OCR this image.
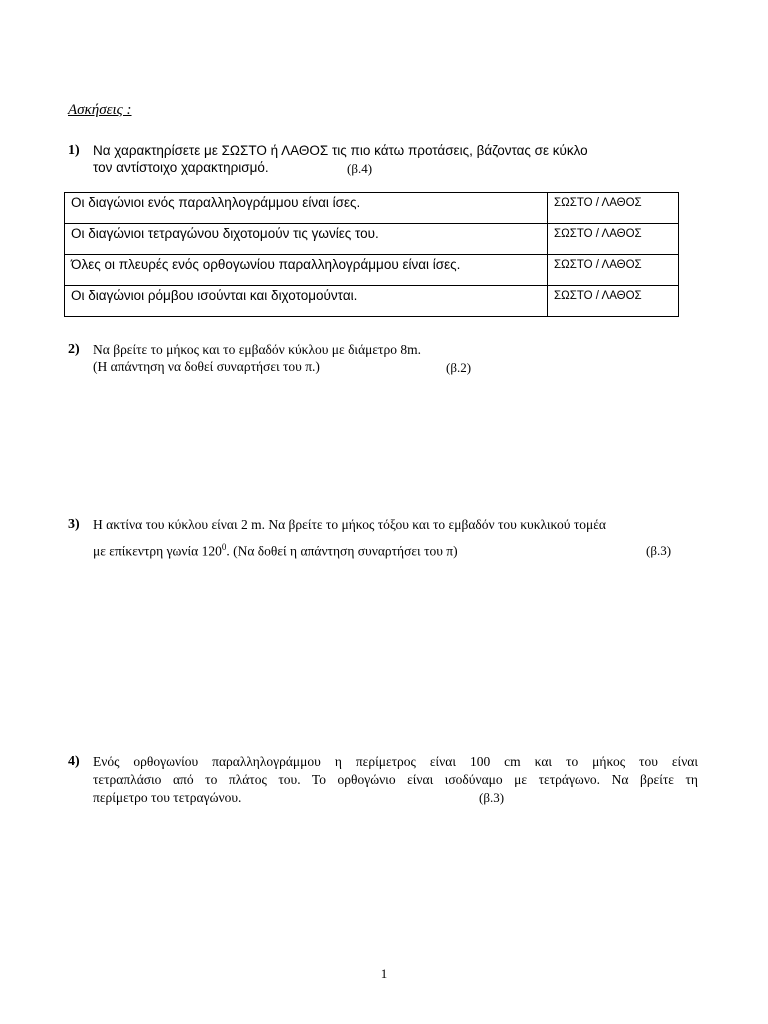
Ασκήσεις :
1) Να χαρακτηρίσετε με ΣΩΣΤΟ ή ΛΑΘΟΣ τις πιο κάτω προτάσεις, βάζοντας σε κύκλο
τον αντίστοιχο χαρακτηρισμό.	(β.4)
Οι διαγώνιοι ενός παραλληλογράμμου είναι ίσες.	ΣΩΣΤΟ / ΛΑΘΟΣ
Οι διαγώνιοι τετραγώνου διχοτομούν τις γωνίες του.	ΣΩΣΤΟ / ΛΑΘΟΣ
Όλες οι πλευρές ενός ορθογωνίου παραλληλογράμμου είναι ίσες.	ΣΩΣΤΟ / ΛΑΘΟΣ
Οι διαγώνιοι ρόμβου ισούνται και διχοτομούνται.	ΣΩΣΤΟ / ΛΑΘΟΣ
2) Να βρείτε το μήκος και το εμβαδόν κύκλου με διάμετρο 8m.
(Η απάντηση να δοθεί συναρτήσει του π.)	(β.2)
3) Η ακτίνα του κύκλου είναι 2 m. Να βρείτε το μήκος τόξου και το εμβαδόν του κυκλικού τομέα
με επίκεντρη γωνία $120^0$. (Να δοθεί η απάντηση συναρτήσει του π)	(β.3)
4) Ενός ορθογωνίου παραλληλογράμμου η περίμετρος είναι 100 cm και το μήκος του είναι
τετραπλάσιο από το πλάτος του. Το ορθογώνιο είναι ισοδύναμο με τετράγωνο. Να βρείτε τη
περίμετρο του τετραγώνου.	(β.3)
1
